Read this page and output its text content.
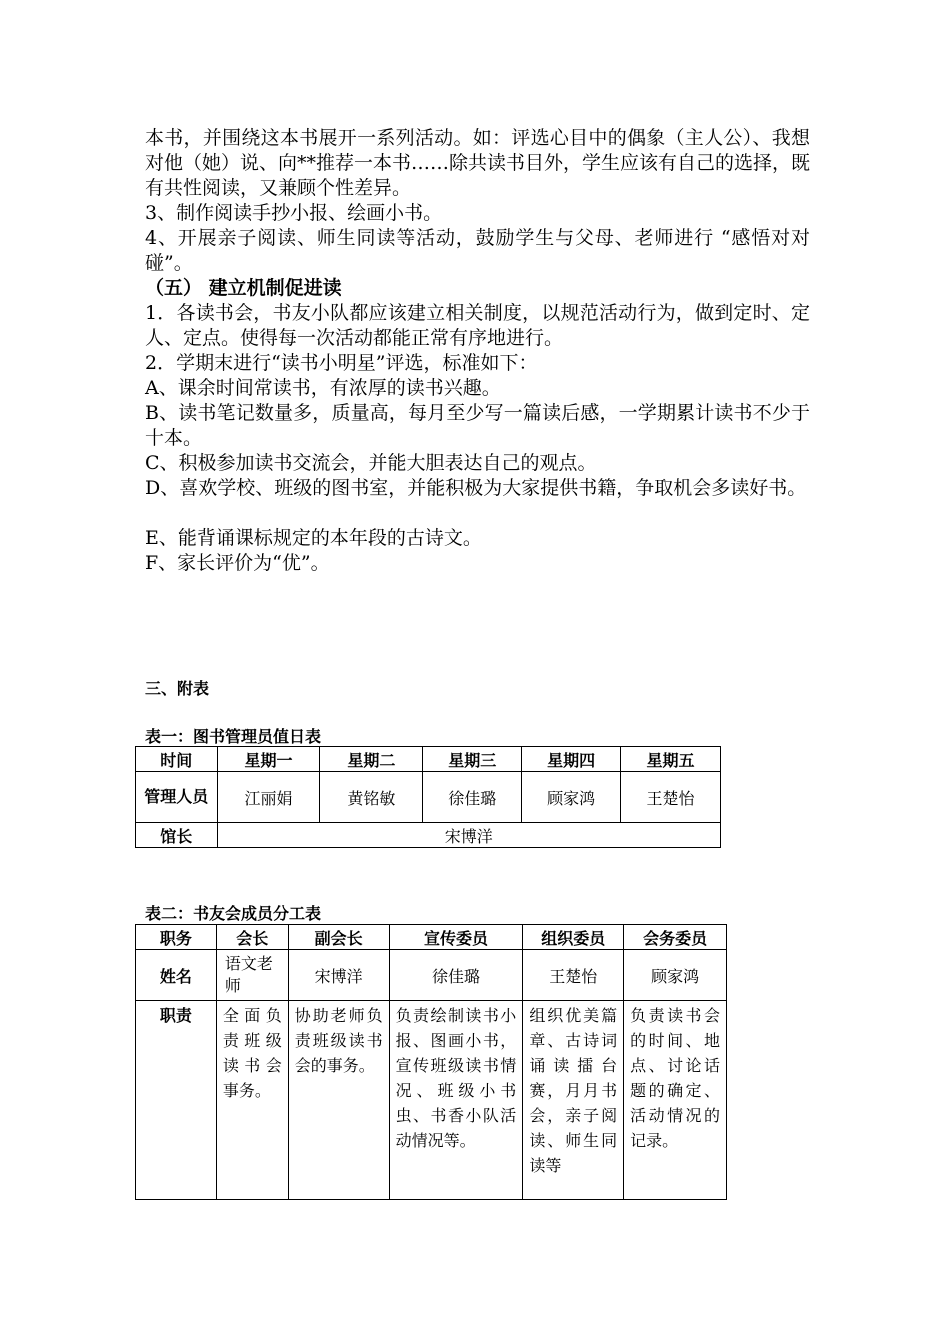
本书，并围绕这本书展开一系列活动。如：评选心目中的偶象（主人公）、我想对他（她）说、向**推荐一本书……除共读书目外，学生应该有自己的选择，既有共性阅读，又兼顾个性差异。
3、制作阅读手抄小报、绘画小书。
4、开展亲子阅读、师生同读等活动，鼓励学生与父母、老师进行 “感悟对对碰”。
（五） 建立机制促进读
1．各读书会，书友小队都应该建立相关制度，以规范活动行为，做到定时、定人、定点。使得每一次活动都能正常有序地进行。
2．学期末进行“读书小明星”评选，标准如下：
A、课余时间常读书，有浓厚的读书兴趣。
B、读书笔记数量多，质量高，每月至少写一篇读后感，一学期累计读书不少于十本。
C、积极参加读书交流会，并能大胆表达自己的观点。
D、喜欢学校、班级的图书室，并能积极为大家提供书籍，争取机会多读好书。
E、能背诵课标规定的本年段的古诗文。
F、家长评价为“优”。
三、附表
表一：图书管理员值日表
时间	星期一	星期二	星期三	星期四	星期五
管理人员	江丽娟	黄铭敏	徐佳璐	顾家鸿	王楚怡
馆长	宋博洋				
表二：书友会成员分工表
职务	会长	副会长	宣传委员	组织委员	会务委员
姓名	语文老师	宋博洋	徐佳璐	王楚怡	顾家鸿
职责	全面负责班级读书会事务。	协助老师负责班级读书会的事务。	负责绘制读书小报、图画小书，宣传班级读书情况、班级小书虫、书香小队活动情况等。	组织优美篇章、古诗词诵读擂台赛，月月书会，亲子阅读、师生同读等	负责读书会的时间、地点、讨论话题的确定、活动情况的记录。
